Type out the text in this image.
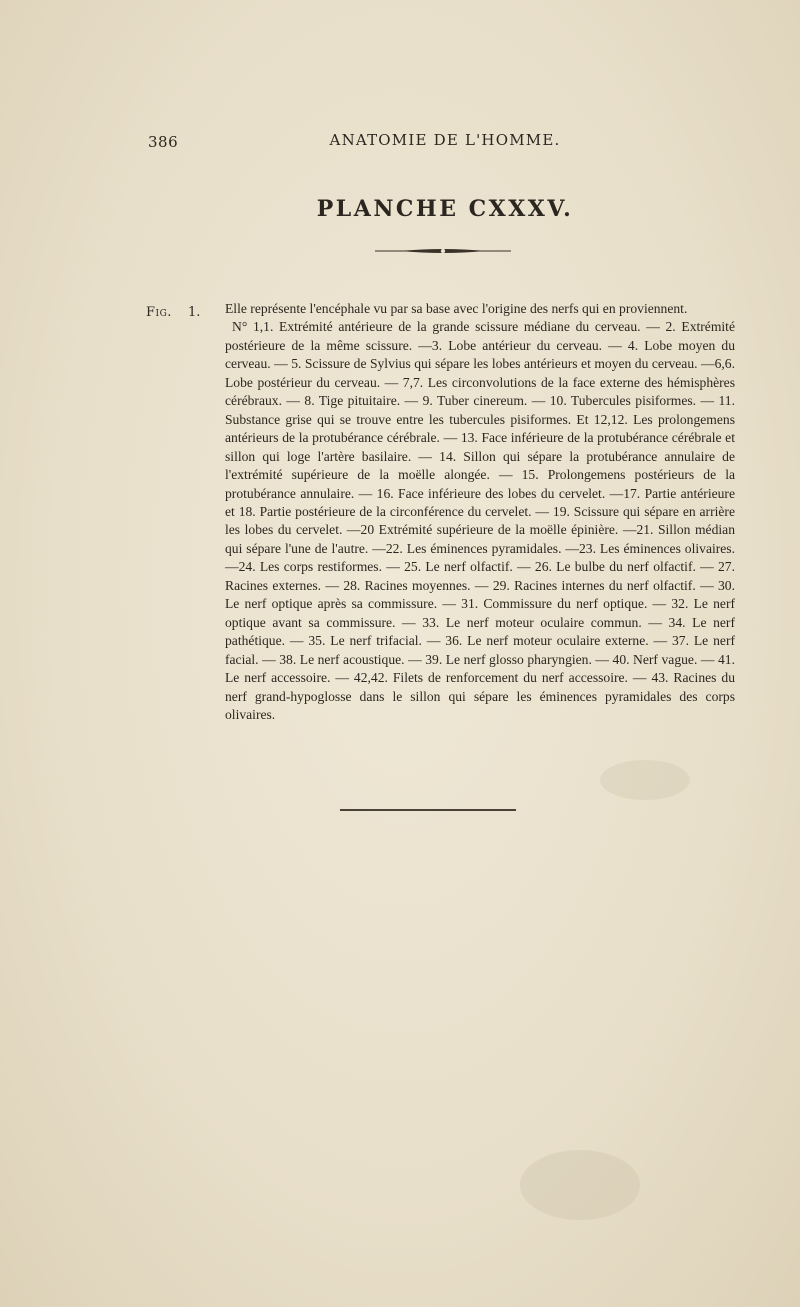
386	ANATOMIE DE L'HOMME.
PLANCHE CXXXV.
Fig. 1. Elle représente l'encéphale vu par sa base avec l'origine des nerfs qui en proviennent.

N° 1,1. Extrémité antérieure de la grande scissure médiane du cerveau. — 2. Extrémité postérieure de la même scissure. —3. Lobe antérieur du cerveau. — 4. Lobe moyen du cerveau. — 5. Scissure de Sylvius qui sépare les lobes antérieurs et moyen du cerveau. —6,6. Lobe postérieur du cerveau. — 7,7. Les circonvolutions de la face externe des hémisphères cérébraux. — 8. Tige pituitaire. — 9. Tuber cinereum. — 10. Tubercules pisiformes. — 11. Substance grise qui se trouve entre les tubercules pisiformes. Et 12,12. Les prolongemens antérieurs de la protubérance cérébrale. — 13. Face inférieure de la protubérance cérébrale et sillon qui loge l'artère basilaire. — 14. Sillon qui sépare la protubérance annulaire de l'extrémité supérieure de la moëlle alongée. — 15. Prolongemens postérieurs de la protubérance annulaire. — 16. Face inférieure des lobes du cervelet. —17. Partie antérieure et 18. Partie postérieure de la circonférence du cervelet. — 19. Scissure qui sépare en arrière les lobes du cervelet. —20 Extrémité supérieure de la moëlle épinière. —21. Sillon médian qui sépare l'une de l'autre. —22. Les éminences pyramidales. —23. Les éminences olivaires. —24. Les corps restiformes. — 25. Le nerf olfactif. — 26. Le bulbe du nerf olfactif. — 27. Racines externes. — 28. Racines moyennes. — 29. Racines internes du nerf olfactif. — 30. Le nerf optique après sa commissure. — 31. Commissure du nerf optique. — 32. Le nerf optique avant sa commissure. — 33. Le nerf moteur oculaire commun. — 34. Le nerf pathétique. — 35. Le nerf trifacial. — 36. Le nerf moteur oculaire externe. — 37. Le nerf facial. — 38. Le nerf acoustique. — 39. Le nerf glosso pharyngien. — 40. Nerf vague. — 41. Le nerf accessoire. — 42,42. Filets de renforcement du nerf accessoire. — 43. Racines du nerf grand-hypoglosse dans le sillon qui sépare les éminences pyramidales des corps olivaires.
